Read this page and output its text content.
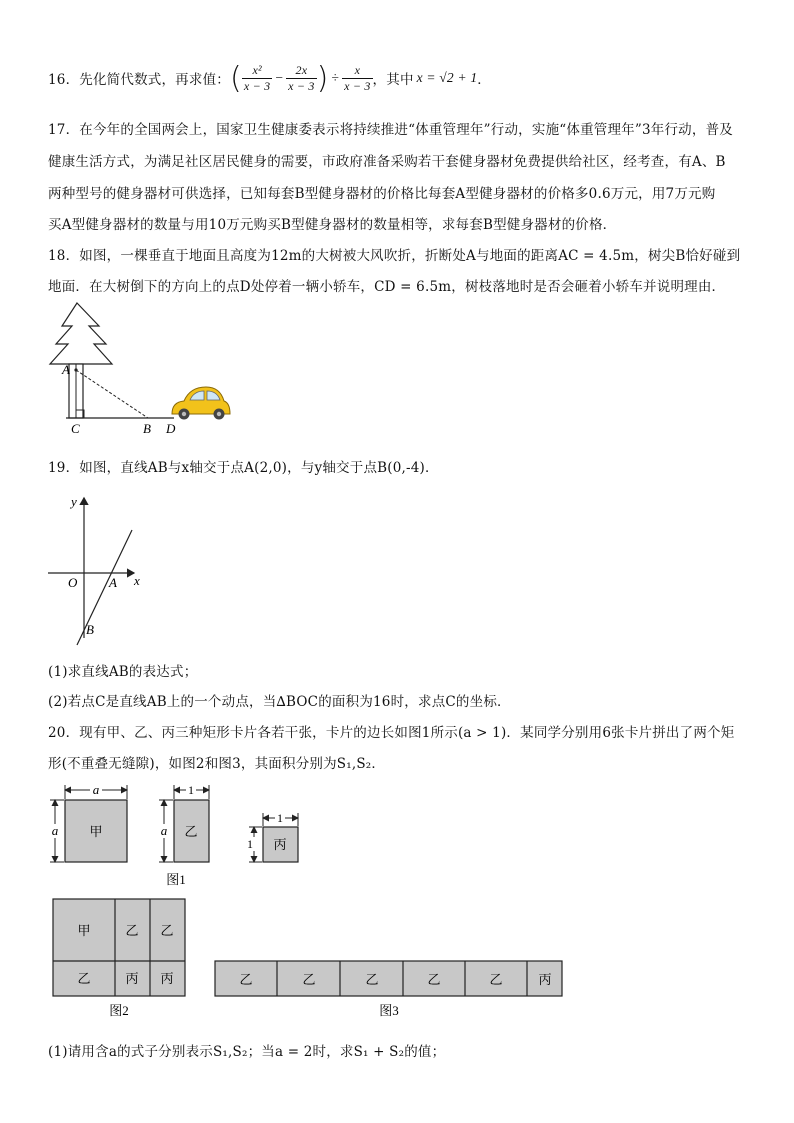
16．先化简代数式，再求值： ( $\frac{\text{x²}}{x - 3} - \frac{2x}{x - 3}$ ) ÷ $\frac{x}{x - 3}$ ，其中 x = √2 + 1 ．
17．在今年的全国两会上，国家卫生健康委表示将持续推进“体重管理年”行动，实施“体重管理年”3年行动，普及
健康生活方式，为满足社区居民健身的需要，市政府准备采购若干套健身器材免费提供给社区，经考查，有A、B
两种型号的健身器材可供选择，已知每套B型健身器材的价格比每套A型健身器材的价格多0.6万元，用7万元购
买A型健身器材的数量与用10万元购买B型健身器材的数量相等，求每套B型健身器材的价格．
18．如图，一棵垂直于地面且高度为12m的大树被大风吹折，折断处A与地面的距离AC = 4.5m，树尖B恰好碰到
地面．在大树倒下的方向上的点D处停着一辆小轿车，CD = 6.5m，树枝落地时是否会砸着小轿车并说明理由．
A
C	B D
19．如图，直线AB与x轴交于点A(2,0)，与y轴交于点B(0,-4)．
y
x
O A
B
(1)求直线AB的表达式；
(2)若点C是直线AB上的一个动点，当∆BOC的面积为16时，求点C的坐标．
20．现有甲、乙、丙三种矩形卡片各若干张，卡片的边长如图1所示(a > 1)．某同学分别用6张卡片拼出了两个矩
形(不重叠无缝隙)，如图2和图3，其面积分别为S₁,S₂．
甲
a
a	乙
1
a
丙
1
1
图1
甲	乙 乙
乙	丙 丙
图2
乙	乙	乙	乙	乙	丙
图3
(1)请用含a的式子分别表示S₁,S₂；当a = 2时，求S₁ + S₂的值；
